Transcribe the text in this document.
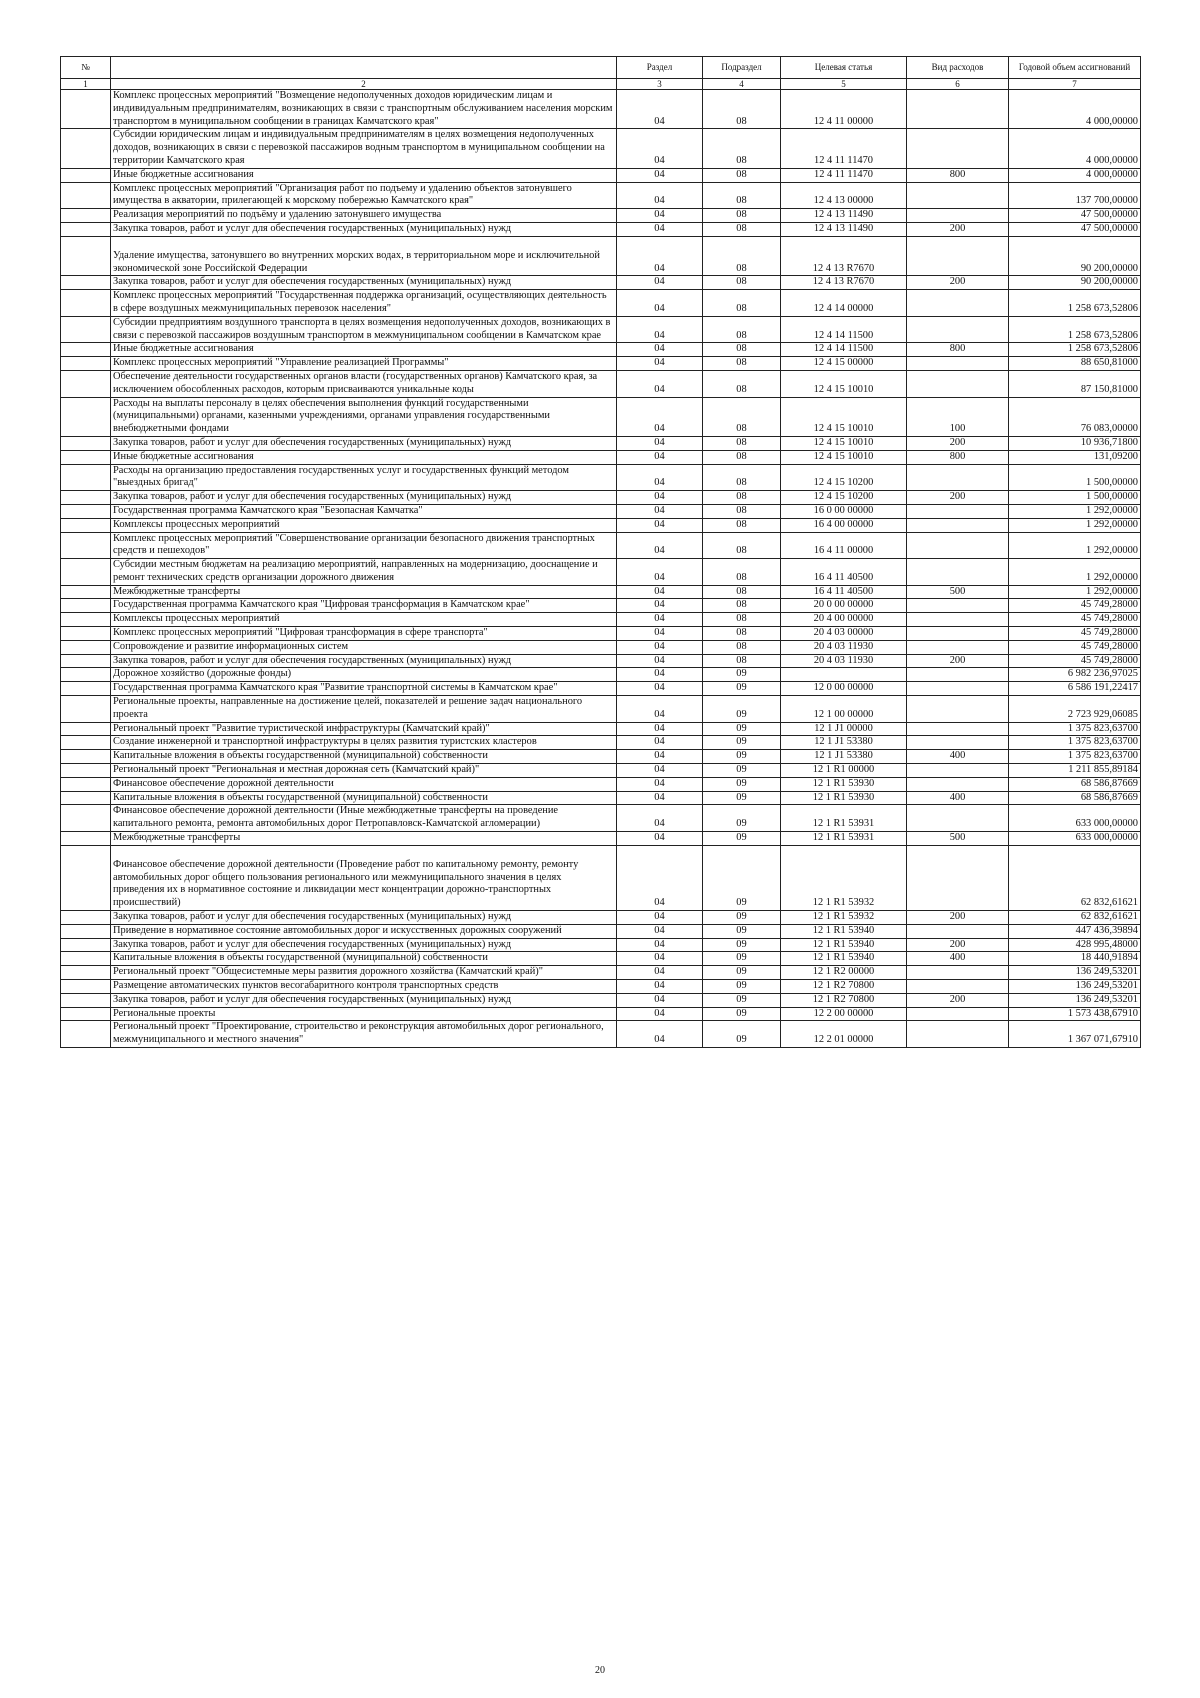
№		Раздел	Подраздел	Целевая статья	Вид расходов	Годовой объем ассигнований
1	2	3	4	5	6	7
	Комплекс процессных мероприятий "Возмещение недополученных доходов юридическим лицам и индивидуальным предпринимателям, возникающих в связи с транспортным обслуживанием населения морским транспортом в муниципальном сообщении в границах Камчатского края"	04	08	12 4 11 00000		4 000,00000
	Субсидии юридическим лицам и индивидуальным предпринимателям в целях возмещения недополученных доходов, возникающих в связи с перевозкой пассажиров водным транспортом в муниципальном сообщении на территории Камчатского края	04	08	12 4 11 11470		4 000,00000
	Иные бюджетные ассигнования	04	08	12 4 11 11470	800	4 000,00000
	Комплекс процессных мероприятий "Организация работ по подъему и удалению объектов затонувшего имущества в акватории, прилегающей к морскому побережью Камчатского края"	04	08	12 4 13 00000		137 700,00000
	Реализация мероприятий по подъёму и удалению затонувшего имущества	04	08	12 4 13 11490		47 500,00000
	Закупка товаров, работ и услуг для обеспечения государственных (муниципальных) нужд	04	08	12 4 13 11490	200	47 500,00000
	Удаление имущества, затонувшего во внутренних морских водах, в территориальном море и исключительной экономической зоне Российской Федерации	04	08	12 4 13 R7670		90 200,00000
	Закупка товаров, работ и услуг для обеспечения государственных (муниципальных) нужд	04	08	12 4 13 R7670	200	90 200,00000
	Комплекс процессных мероприятий "Государственная поддержка организаций, осуществляющих деятельность в сфере воздушных межмуниципальных перевозок населения"	04	08	12 4 14 00000		1 258 673,52806
	Субсидии предприятиям воздушного транспорта в целях возмещения недополученных доходов, возникающих в связи с перевозкой пассажиров воздушным транспортом в межмуниципальном сообщении в Камчатском крае	04	08	12 4 14 11500		1 258 673,52806
	Иные бюджетные ассигнования	04	08	12 4 14 11500	800	1 258 673,52806
	Комплекс процессных мероприятий "Управление реализацией Программы"	04	08	12 4 15 00000		88 650,81000
	Обеспечение деятельности государственных органов власти (государственных органов) Камчатского края, за исключением обособленных расходов, которым присваиваются уникальные коды	04	08	12 4 15 10010		87 150,81000
	Расходы на выплаты персоналу в целях обеспечения выполнения функций государственными (муниципальными) органами, казенными учреждениями, органами управления государственными внебюджетными фондами	04	08	12 4 15 10010	100	76 083,00000
	Закупка товаров, работ и услуг для обеспечения государственных (муниципальных) нужд	04	08	12 4 15 10010	200	10 936,71800
	Иные бюджетные ассигнования	04	08	12 4 15 10010	800	131,09200
	Расходы на организацию предоставления государственных услуг и государственных функций методом "выездных бригад"	04	08	12 4 15 10200		1 500,00000
	Закупка товаров, работ и услуг для обеспечения государственных (муниципальных) нужд	04	08	12 4 15 10200	200	1 500,00000
	Государственная программа Камчатского края "Безопасная Камчатка"	04	08	16 0 00 00000		1 292,00000
	Комплексы процессных мероприятий	04	08	16 4 00 00000		1 292,00000
	Комплекс процессных мероприятий "Совершенствование организации безопасного движения транспортных средств и пешеходов"	04	08	16 4 11 00000		1 292,00000
	Субсидии местным бюджетам на реализацию мероприятий, направленных на модернизацию, дооснащение и ремонт технических средств организации дорожного движения	04	08	16 4 11 40500		1 292,00000
	Межбюджетные трансферты	04	08	16 4 11 40500	500	1 292,00000
	Государственная программа Камчатского края "Цифровая трансформация в Камчатском крае"	04	08	20 0 00 00000		45 749,28000
	Комплексы процессных мероприятий	04	08	20 4 00 00000		45 749,28000
	Комплекс процессных мероприятий "Цифровая трансформация в сфере транспорта"	04	08	20 4 03 00000		45 749,28000
	Сопровождение и развитие информационных систем	04	08	20 4 03 11930		45 749,28000
	Закупка товаров, работ и услуг для обеспечения государственных (муниципальных) нужд	04	08	20 4 03 11930	200	45 749,28000
	Дорожное хозяйство (дорожные фонды)	04	09			6 982 236,97025
	Государственная программа Камчатского края "Развитие транспортной системы в Камчатском крае"	04	09	12 0 00 00000		6 586 191,22417
	Региональные проекты, направленные на достижение целей, показателей и решение задач национального проекта	04	09	12 1 00 00000		2 723 929,06085
	Региональный проект "Развитие туристической инфраструктуры (Камчатский край)"	04	09	12 1 J1 00000		1 375 823,63700
	Создание инженерной и транспортной инфраструктуры в целях развития туристских кластеров	04	09	12 1 J1 53380		1 375 823,63700
	Капитальные вложения в объекты государственной (муниципальной) собственности	04	09	12 1 J1 53380	400	1 375 823,63700
	Региональный проект "Региональная и местная дорожная сеть (Камчатский край)"	04	09	12 1 R1 00000		1 211 855,89184
	Финансовое обеспечение дорожной деятельности	04	09	12 1 R1 53930		68 586,87669
	Капитальные вложения в объекты государственной (муниципальной) собственности	04	09	12 1 R1 53930	400	68 586,87669
	Финансовое обеспечение дорожной деятельности (Иные межбюджетные трансферты на проведение капитального ремонта, ремонта автомобильных дорог Петропавловск-Камчатской агломерации)	04	09	12 1 R1 53931		633 000,00000
	Межбюджетные трансферты	04	09	12 1 R1 53931	500	633 000,00000
	Финансовое обеспечение дорожной деятельности (Проведение работ по капитальному ремонту, ремонту автомобильных дорог общего пользования регионального или межмуниципального значения в целях приведения их в нормативное состояние и ликвидации мест концентрации дорожно-транспортных происшествий)	04	09	12 1 R1 53932		62 832,61621
	Закупка товаров, работ и услуг для обеспечения государственных (муниципальных) нужд	04	09	12 1 R1 53932	200	62 832,61621
	Приведение в нормативное состояние автомобильных дорог и искусственных дорожных сооружений	04	09	12 1 R1 53940		447 436,39894
	Закупка товаров, работ и услуг для обеспечения государственных (муниципальных) нужд	04	09	12 1 R1 53940	200	428 995,48000
	Капитальные вложения в объекты государственной (муниципальной) собственности	04	09	12 1 R1 53940	400	18 440,91894
	Региональный проект "Общесистемные меры развития дорожного хозяйства (Камчатский край)"	04	09	12 1 R2 00000		136 249,53201
	Размещение автоматических пунктов весогабаритного контроля транспортных средств	04	09	12 1 R2 70800		136 249,53201
	Закупка товаров, работ и услуг для обеспечения государственных (муниципальных) нужд	04	09	12 1 R2 70800	200	136 249,53201
	Региональные проекты	04	09	12 2 00 00000		1 573 438,67910
	Региональный проект "Проектирование, строительство и реконструкция автомобильных дорог регионального, межмуниципального и местного значения"	04	09	12 2 01 00000		1 367 071,67910
20
